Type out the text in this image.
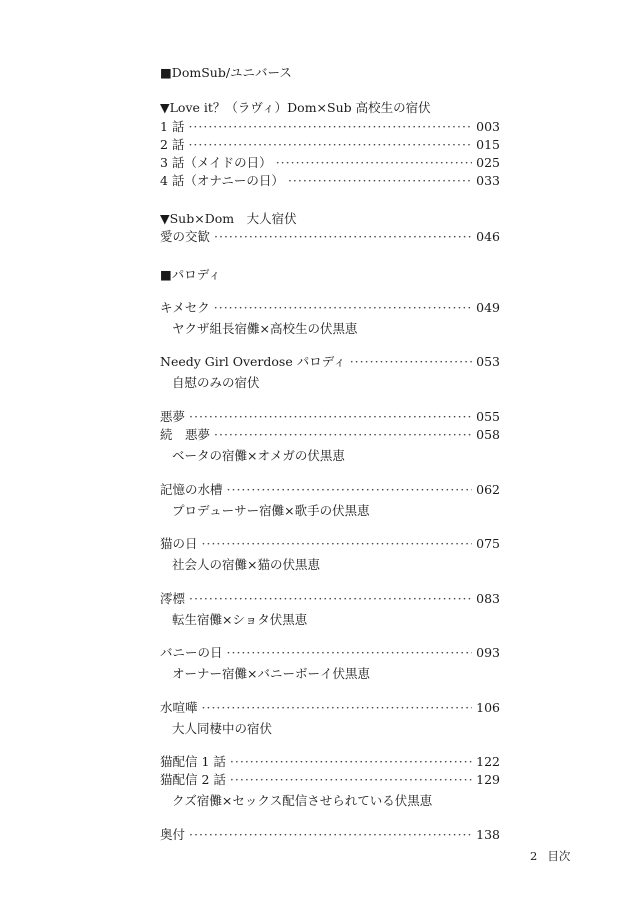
■DomSub/ユニバース
▼Love it？（ラヴィ）Dom×Sub 高校生の宿伏
1 話 ·····	003
2 話 ·····	015
3 話（メイドの日） ·····	025
4 話（オナニーの日） ·····	033
▼Sub×Dom　大人宿伏
愛の交歓 ·····	046
■パロディ
キメセク ·····	049
ヤクザ組長宿儺×高校生の伏黒恵
Needy Girl Overdose パロディ ·····	053
自慰のみの宿伏
悪夢 ·····	055
続　悪夢 ·····	058
ベータの宿儺×オメガの伏黒恵
記憶の水槽 ·····	062
プロデューサー宿儺×歌手の伏黒恵
猫の日 ·····	075
社会人の宿儺×猫の伏黒恵
澪標 ·····	083
転生宿儺×ショタ伏黒恵
バニーの日 ·····	093
オーナー宿儺×バニーボーイ伏黒恵
水喧嘩 ·····	106
大人同棲中の宿伏
猫配信 1 話 ·····	122
猫配信 2 話 ·····	129
クズ宿儺×セックス配信させられている伏黒恵
奥付 ·····	138
2 目次
